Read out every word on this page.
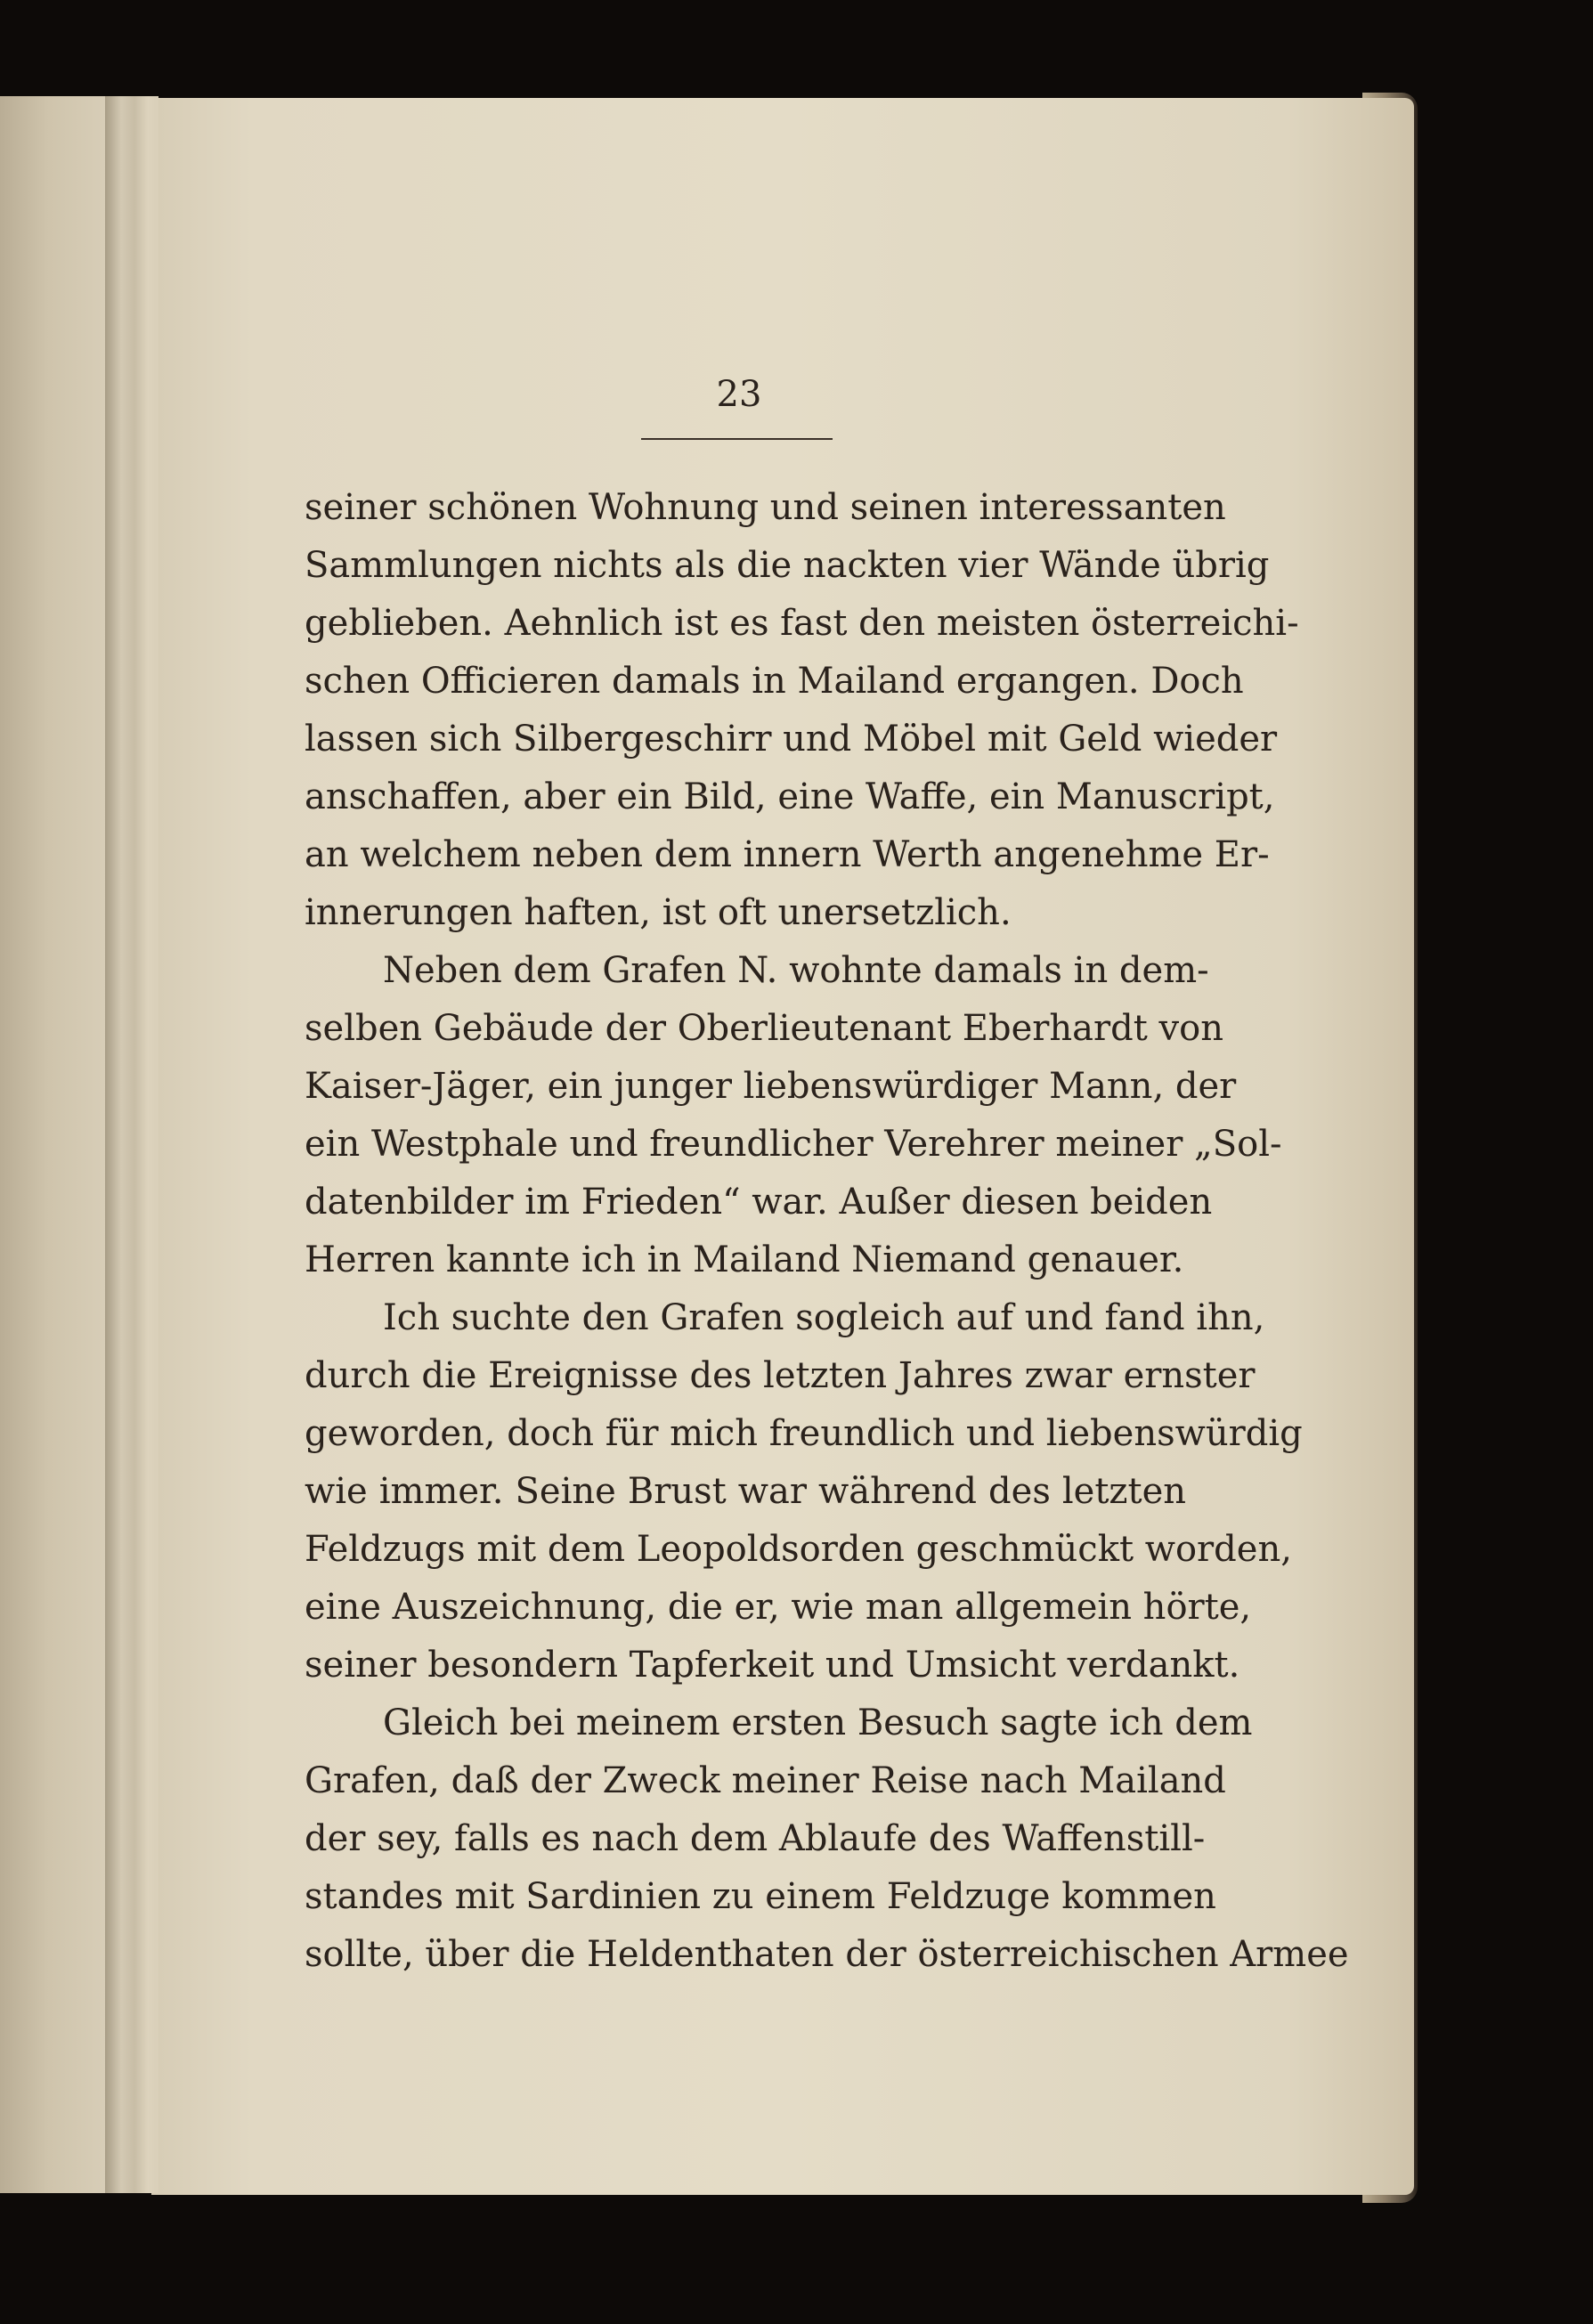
23
seiner schönen Wohnung und seinen interessanten
Sammlungen nichts als die nackten vier Wände übrig
geblieben. Aehnlich ist es fast den meisten österreichi-
schen Officieren damals in Mailand ergangen. Doch
lassen sich Silbergeschirr und Möbel mit Geld wieder
anschaffen, aber ein Bild, eine Waffe, ein Manuscript,
an welchem neben dem innern Werth angenehme Er-
innerungen haften, ist oft unersetzlich.
Neben dem Grafen N. wohnte damals in dem-
selben Gebäude der Oberlieutenant Eberhardt von
Kaiser-Jäger, ein junger liebenswürdiger Mann, der
ein Westphale und freundlicher Verehrer meiner „Sol-
datenbilder im Frieden“ war. Außer diesen beiden
Herren kannte ich in Mailand Niemand genauer.
Ich suchte den Grafen sogleich auf und fand ihn,
durch die Ereignisse des letzten Jahres zwar ernster
geworden, doch für mich freundlich und liebenswürdig
wie immer. Seine Brust war während des letzten
Feldzugs mit dem Leopoldsorden geschmückt worden,
eine Auszeichnung, die er, wie man allgemein hörte,
seiner besondern Tapferkeit und Umsicht verdankt.
Gleich bei meinem ersten Besuch sagte ich dem
Grafen, daß der Zweck meiner Reise nach Mailand
der sey, falls es nach dem Ablaufe des Waffenstill-
standes mit Sardinien zu einem Feldzuge kommen
sollte, über die Heldenthaten der österreichischen Armee
